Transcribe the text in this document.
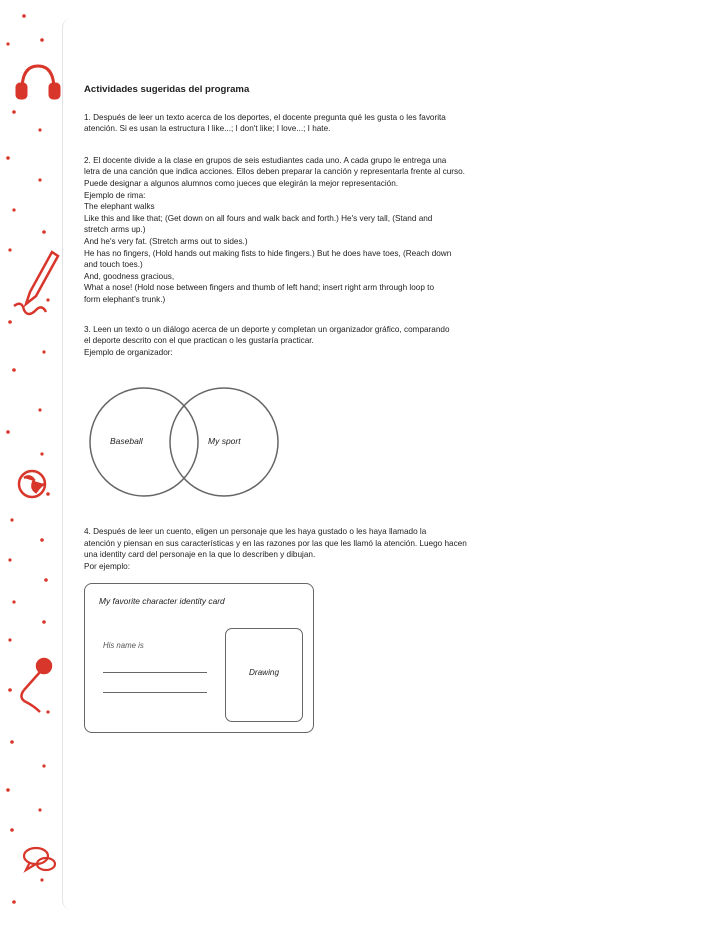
Actividades sugeridas del programa
1. Después de leer un texto acerca de los deportes, el docente pregunta qué les gusta o les favorita
atención. Si es usan la estructura I like...; I don't like; I love...; I hate.
2. El docente divide a la clase en grupos de seis estudiantes cada uno. A cada grupo le entrega una
letra de una canción que indica acciones. Ellos deben preparar la canción y representarla frente al curso.
Puede designar a algunos alumnos como jueces que elegirán la mejor representación.
Ejemplo de rima:
The elephant walks
Like this and like that; (Get down on all fours and walk back and forth.) He's very tall, (Stand and
stretch arms up.)
And he's very fat. (Stretch arms out to sides.)
He has no fingers, (Hold hands out making fists to hide fingers.) But he does have toes, (Reach down
and touch toes.)
And, goodness gracious,
What a nose! (Hold nose between fingers and thumb of left hand; insert right arm through loop to
form elephant's trunk.)
3. Leen un texto o un diálogo acerca de un deporte y completan un organizador gráfico, comparando
el deporte descrito con el que practican o les gustaría practicar.
Ejemplo de organizador:
Baseball	My sport
4. Después de leer un cuento, eligen un personaje que les haya gustado o les haya llamado la
atención y piensan en sus características y en las razones por las que les llamó la atención. Luego hacen
una identity card del personaje en la que lo describen y dibujan.
Por ejemplo:
My favorite character identity card
His name is
Drawing
